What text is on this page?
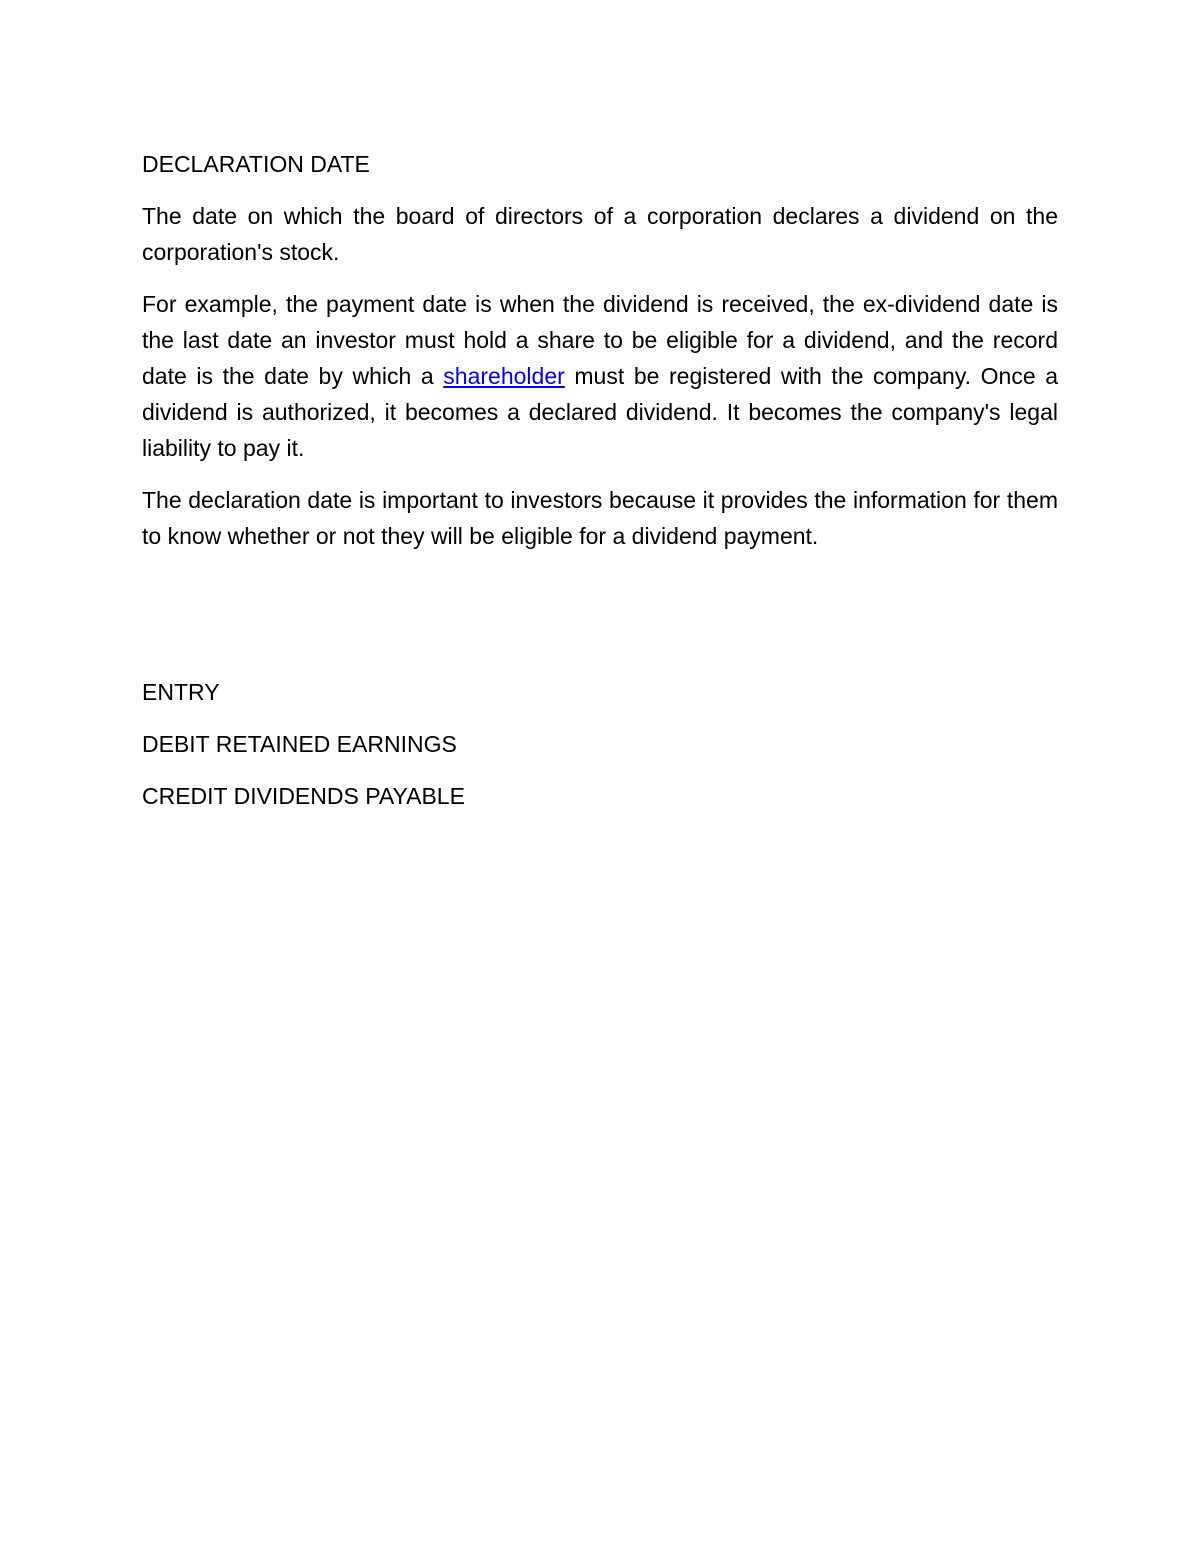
DECLARATION DATE

The date on which the board of directors of a corporation declares a dividend on the corporation's stock.

For example, the payment date is when the dividend is received, the ex-dividend date is the last date an investor must hold a share to be eligible for a dividend, and the record date is the date by which a shareholder must be registered with the company. Once a dividend is authorized, it becomes a declared dividend. It becomes the company's legal liability to pay it.

The declaration date is important to investors because it provides the information for them to know whether or not they will be eligible for a dividend payment.

ENTRY

DEBIT RETAINED EARNINGS

CREDIT DIVIDENDS PAYABLE
